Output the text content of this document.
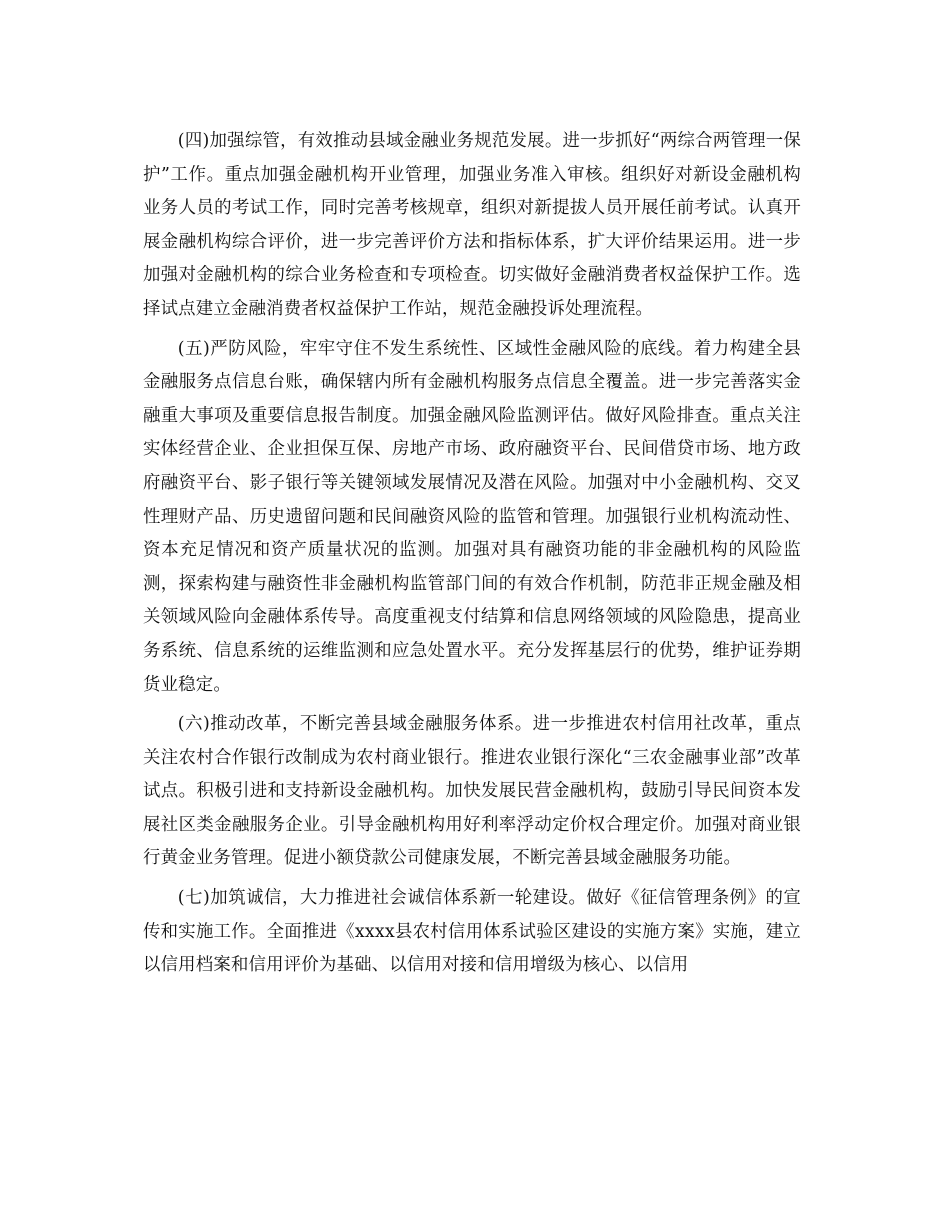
(四)加强综管，有效推动县域金融业务规范发展。进一步抓好“两综合两管理一保护”工作。重点加强金融机构开业管理，加强业务准入审核。组织好对新设金融机构业务人员的考试工作，同时完善考核规章，组织对新提拔人员开展任前考试。认真开展金融机构综合评价，进一步完善评价方法和指标体系，扩大评价结果运用。进一步加强对金融机构的综合业务检查和专项检查。切实做好金融消费者权益保护工作。选择试点建立金融消费者权益保护工作站，规范金融投诉处理流程。

(五)严防风险，牢牢守住不发生系统性、区域性金融风险的底线。着力构建全县金融服务点信息台账，确保辖内所有金融机构服务点信息全覆盖。进一步完善落实金融重大事项及重要信息报告制度。加强金融风险监测评估。做好风险排查。重点关注实体经营企业、企业担保互保、房地产市场、政府融资平台、民间借贷市场、地方政府融资平台、影子银行等关键领域发展情况及潜在风险。加强对中小金融机构、交叉性理财产品、历史遗留问题和民间融资风险的监管和管理。加强银行业机构流动性、资本充足情况和资产质量状况的监测。加强对具有融资功能的非金融机构的风险监测，探索构建与融资性非金融机构监管部门间的有效合作机制，防范非正规金融及相关领域风险向金融体系传导。高度重视支付结算和信息网络领域的风险隐患，提高业务系统、信息系统的运维监测和应急处置水平。充分发挥基层行的优势，维护证券期货业稳定。

(六)推动改革，不断完善县域金融服务体系。进一步推进农村信用社改革，重点关注农村合作银行改制成为农村商业银行。推进农业银行深化“三农金融事业部”改革试点。积极引进和支持新设金融机构。加快发展民营金融机构，鼓励引导民间资本发展社区类金融服务企业。引导金融机构用好利率浮动定价权合理定价。加强对商业银行黄金业务管理。促进小额贷款公司健康发展，不断完善县域金融服务功能。

(七)加筑诚信，大力推进社会诚信体系新一轮建设。做好《征信管理条例》的宣传和实施工作。全面推进《xxxx县农村信用体系试验区建设的实施方案》实施，建立以信用档案和信用评价为基础、以信用对接和信用增级为核心、以信用
